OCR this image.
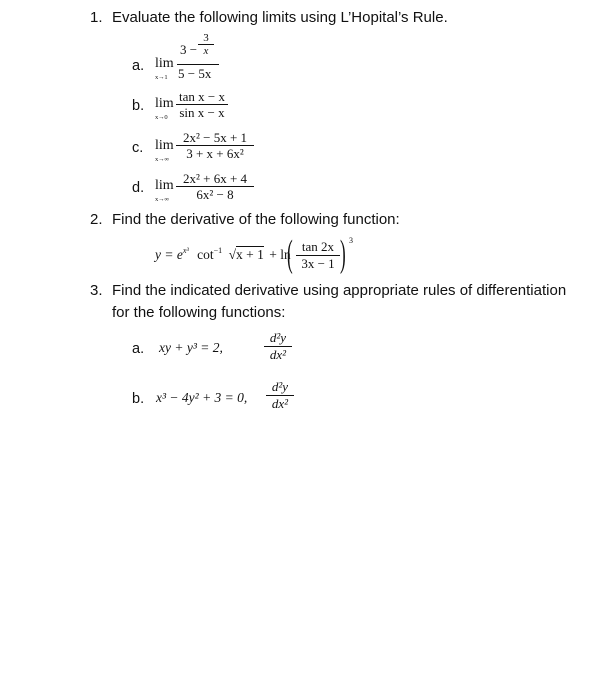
1. Evaluate the following limits using L’Hopital’s Rule.
a. lim
x→1
3 −
3
x
5 − 5x
b. lim
x→0
tan x − x
sin x − x
c. lim
x→∞
2x² − 5x + 1
3 + x + 6x²
d. lim
x→∞
2x² + 6x + 4
6x² − 8
2. Find the derivative of the following function:
$y = e^{x^3}$ $\cot^{-1} √x + 1 + \ln$
( tan 2x
3x − 1 ) 3
3. Find the indicated derivative using appropriate rules of differentiation
for the following functions:
a. xy + y³ = 2,
d²y
dx²
b. x³ − 4y² + 3 = 0,
d²y
dx²
